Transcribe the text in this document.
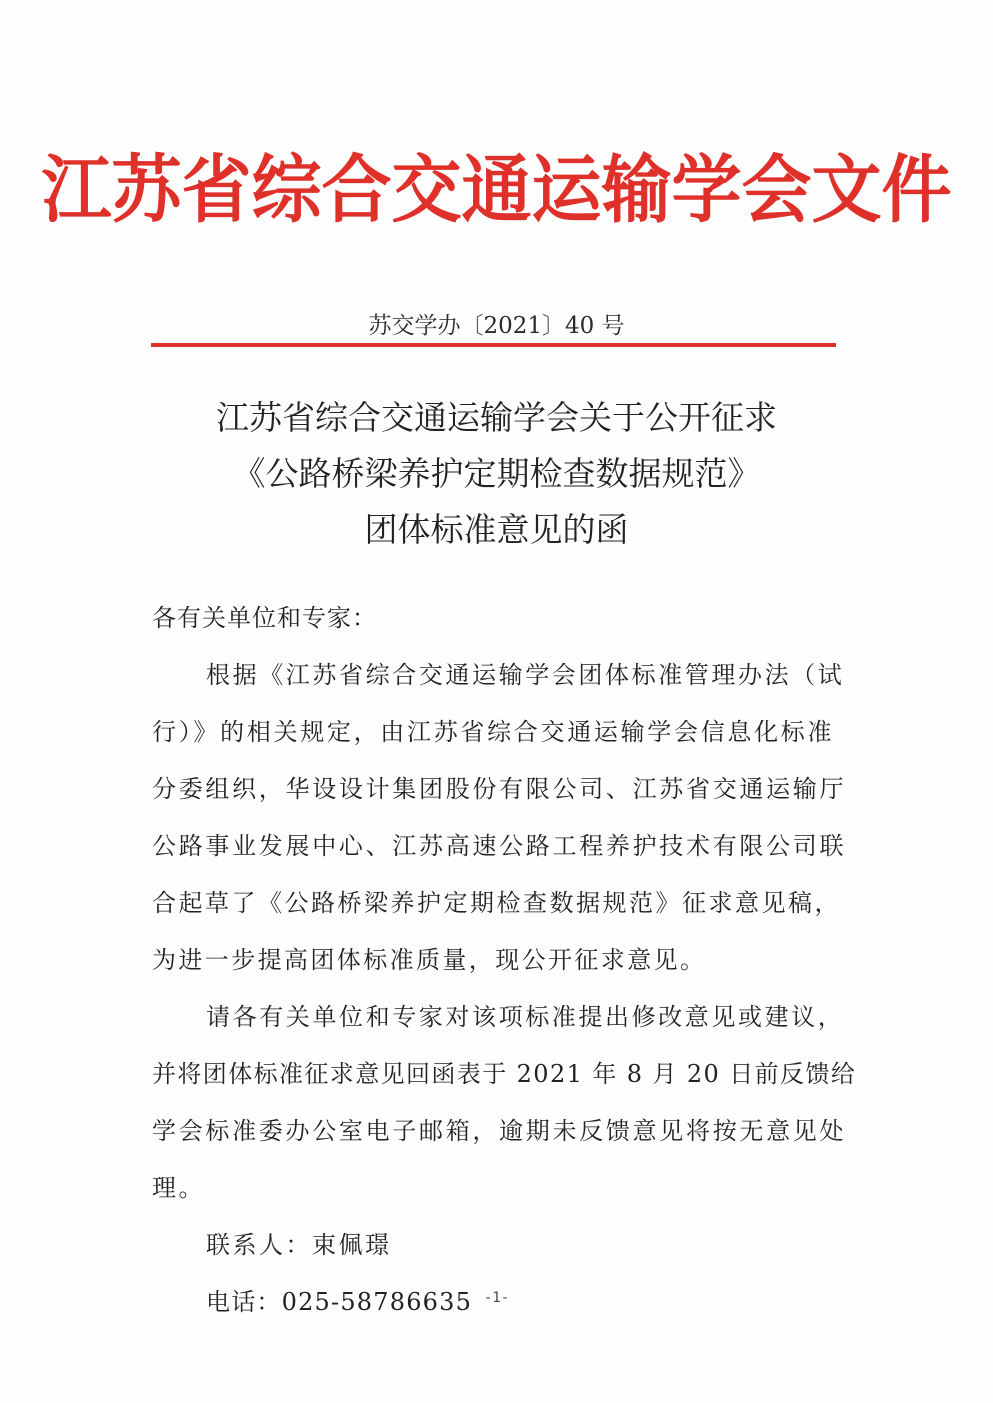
江苏省综合交通运输学会文件
苏交学办〔2021〕40 号
江苏省综合交通运输学会关于公开征求
《公路桥梁养护定期检查数据规范》
团体标准意见的函
各有关单位和专家：
根据《江苏省综合交通运输学会团体标准管理办法（试
行）》的相关规定，由江苏省综合交通运输学会信息化标准
分委组织，华设设计集团股份有限公司、江苏省交通运输厅
公路事业发展中心、江苏高速公路工程养护技术有限公司联
合起草了《公路桥梁养护定期检查数据规范》征求意见稿，
为进一步提高团体标准质量，现公开征求意见。
请各有关单位和专家对该项标准提出修改意见或建议，
并将团体标准征求意见回函表于 2021 年 8 月 20 日前反馈给
学会标准委办公室电子邮箱，逾期未反馈意见将按无意见处
理。
联系人：束佩璟
电话：025-58786635 -1-
